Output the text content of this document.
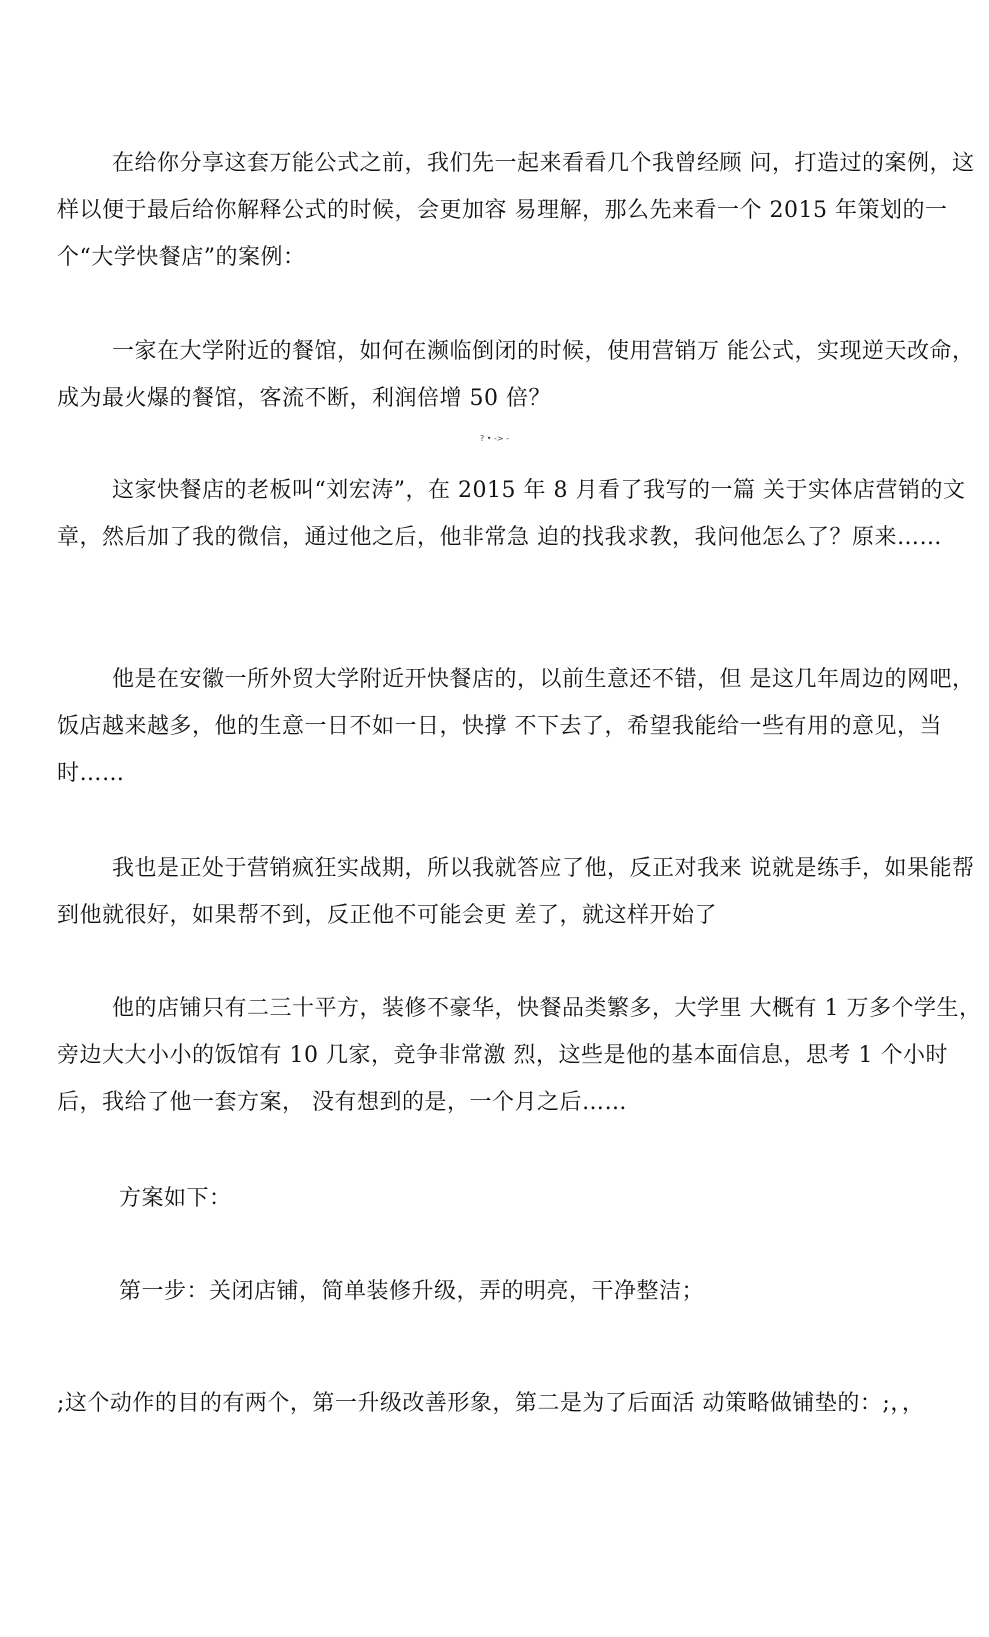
在给你分享这套万能公式之前，我们先一起来看看几个我曾经顾 问，打造过的案例，这样以便于最后给你解释公式的时候，会更加容 易理解，那么先来看一个 2015 年策划的一个“大学快餐店”的案例：

一家在大学附近的餐馆，如何在濒临倒闭的时候，使用营销万 能公式，实现逆天改命，成为最火爆的餐馆，客流不断，利润倍增 50 倍？

? • -> -

这家快餐店的老板叫“刘宏涛”，在 2015 年 8 月看了我写的一篇 关于实体店营销的文章，然后加了我的微信，通过他之后，他非常急 迫的找我求教，我问他怎么了？原来……

他是在安徽一所外贸大学附近开快餐店的，以前生意还不错，但 是这几年周边的网吧，饭店越来越多，他的生意一日不如一日，快撑 不下去了，希望我能给一些有用的意见，当时……

我也是正处于营销疯狂实战期，所以我就答应了他，反正对我来 说就是练手，如果能帮到他就很好，如果帮不到，反正他不可能会更 差了，就这样开始了

他的店铺只有二三十平方，装修不豪华，快餐品类繁多，大学里 大概有 1 万多个学生，旁边大大小小的饭馆有 10 几家，竞争非常激 烈，这些是他的基本面信息，思考 1 个小时后，我给了他一套方案， 没有想到的是，一个月之后……

方案如下：

第一步：关闭店铺，简单装修升级，弄的明亮，干净整洁；

;这个动作的目的有两个，第一升级改善形象，第二是为了后面活 动策略做铺垫的：;，，
